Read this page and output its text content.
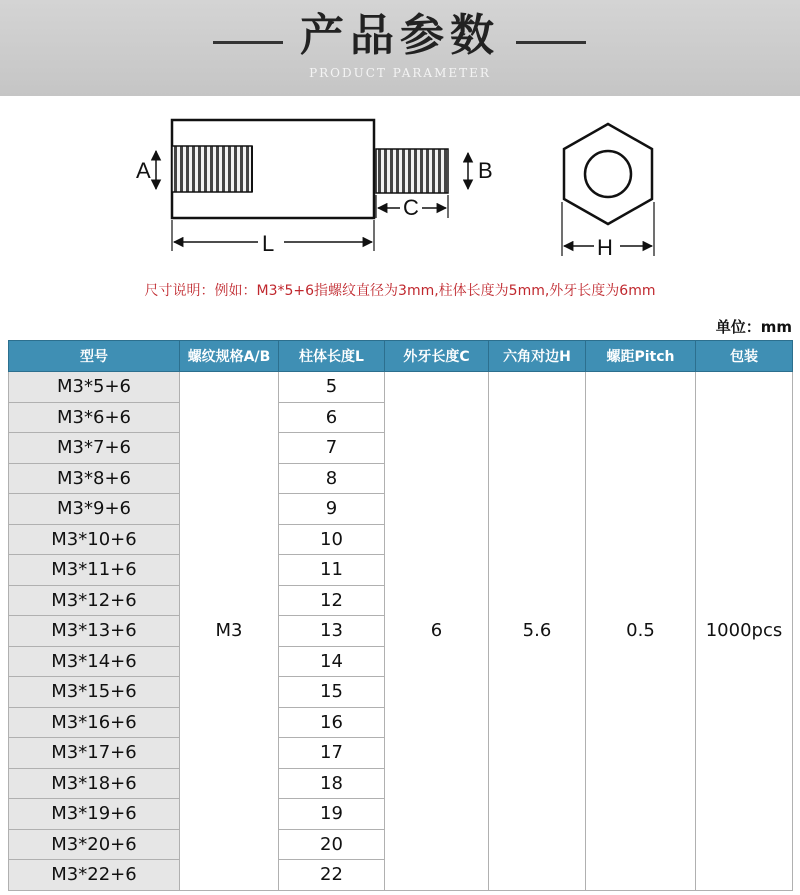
产品参数
PRODUCT PARAMETER
A	B
C
L	H
尺寸说明：例如：M3*5+6指螺纹直径为3mm,柱体长度为5mm,外牙长度为6mm
单位：mm
型号	螺纹规格A/B	柱体长度L	外牙长度C	六角对边H	螺距Pitch	包装
M3*5+6	M3	5	6	5.6	0.5	1000pcs
M3*6+6		6				
M3*7+6		7				
M3*8+6		8				
M3*9+6		9				
M3*10+6		10				
M3*11+6		11				
M3*12+6		12				
M3*13+6		13				
M3*14+6		14				
M3*15+6		15				
M3*16+6		16				
M3*17+6		17				
M3*18+6		18				
M3*19+6		19				
M3*20+6		20				
M3*22+6		22				
